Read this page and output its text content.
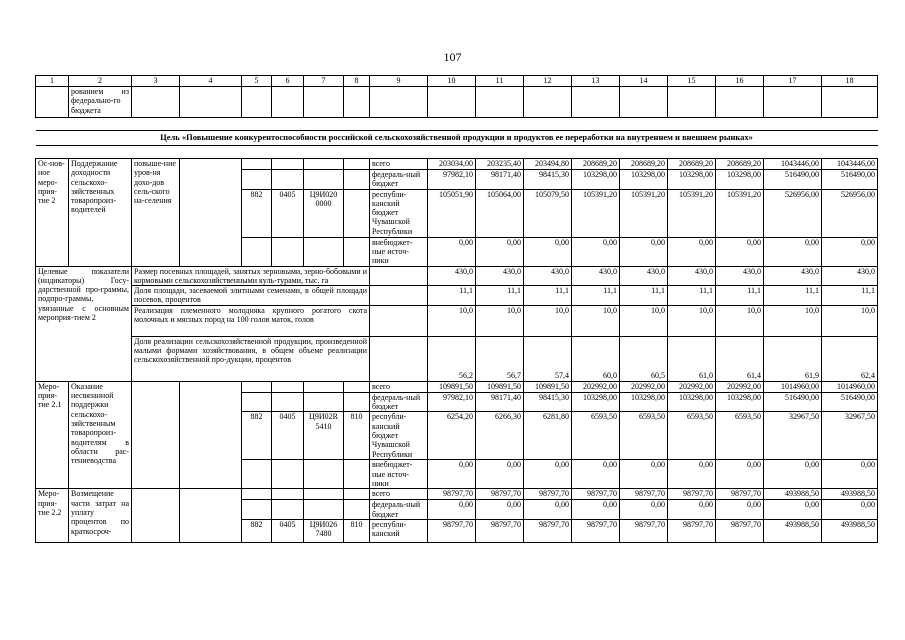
107
1	2	3	4	5	6	7	8	9	10	11	12	13	14	15	16	17	18
	рованием из федерально-го бюджета																

Цель «Повышение конкурентоспособности российской сельскохозяйственной продукции и продуктов ее переработки на внутреннем и внешнем рынках»																	

Ос-нов-ное меро-прия-тие 2	Поддержание доходности сельскохо-зяйственных товаропроиз-водителей	повыше-ние уров-ня дохо-дов сель-ского на-селения						всего	203034,00	203235,40	203494,80	208689,20	208689,20	208689,20	208689,20	1043446,00	1043446,00
								федераль-ный бюджет	97982,10	98171,40	98415,30	103298,00	103298,00	103298,00	103298,00	516490,00	516490,00
				882	0405	Ц9И020 0000		республи-канский бюджет Чувашской Республики	105051,90	105064,00	105079,50	105391,20	105391,20	105391,20	105391,20	526956,00	526956,00
								внебюджет-ные источ-ники	0,00	0,00	0,00	0,00	0,00	0,00	0,00	0,00	0,00
Целевые показатели (индикаторы) Госу-дарственной про-граммы, подпро-граммы, увязанные с основным мероприя-тием 2		Размер посевных площадей, занятых зерновыми, зерно-бобовыми и кормовыми сельскохозяйственными куль-турами, тыс. га							430,0	430,0	430,0	430,0	430,0	430,0	430,0	430,0	430,0
		Доля площади, засеваемой элитными семенами, в общей площади посевов, процентов							11,1	11,1	11,1	11,1	11,1	11,1	11,1	11,1	11,1
		Реализация племенного молодняка крупного рогатого скота молочных и мясных пород на 100 голов маток, голов							10,0	10,0	10,0	10,0	10,0	10,0	10,0	10,0	10,0
		Доля реализации сельскохозяйственной продукции, произведенной малыми формами хозяйствования, в общем объеме реализации сельскохозяйственной про-дукции, процентов							56,2	56,7	57,4	60,0	60,5	61,0	61,4	61,9	62,4
Меро-прия-тие 2.1	Оказание несвязанной поддержки сельскохо-зяйственным товаропроиз-водителям в области рас-тениеводства							всего	109891,50	109891,50	109891,50	202992,00	202992,00	202992,00	202992,00	1014960,00	1014960,00
								федераль-ный бюджет	97982,10	98171,40	98415,30	103298,00	103298,00	103298,00	103298,00	516490,00	516490,00
				882	0405	Ц9И02R 5410	810	республи-канский бюджет Чувашской Республики	6254,20	6266,30	6281,80	6593,50	6593,50	6593,50	6593,50	32967,50	32967,50
								внебюджет-ные источ-ники	0,00	0,00	0,00	0,00	0,00	0,00	0,00	0,00	0,00
Меро-прия-тие 2.2	Возмещение части затрат на уплату процентов по краткосроч-							всего	98797,70	98797,70	98797,70	98797,70	98797,70	98797,70	98797,70	493988,50	493988,50
								федераль-ный бюджет	0,00	0,00	0,00	0,00	0,00	0,00	0,00	0,00	0,00
				882	0405	Ц9И026 7480	810	республи-канский	98797,70	98797,70	98797,70	98797,70	98797,70	98797,70	98797,70	493988,50	493988,50
